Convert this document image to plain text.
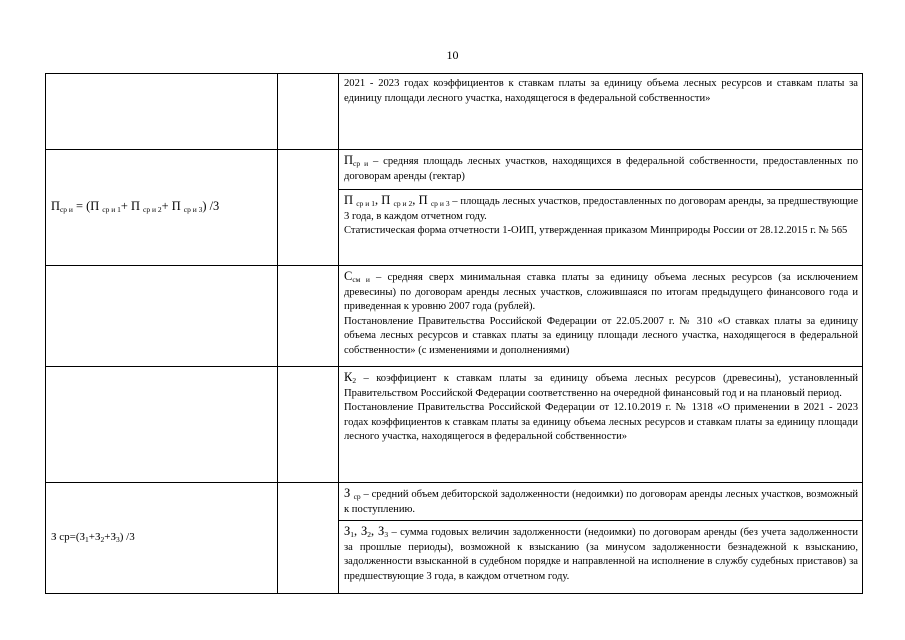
10

		2021 - 2023 годах коэффициентов к ставкам платы за единицу объема лесных ресурсов и ставкам платы за единицу площади лесного участка, находящегося в федеральной собственности»

$П_{ср и} = (П$ $_{ср и 1}$+ П $_{ср и 2}$+ П $_{ср и 3}$) /3		$П_{ср и}$ – средняя площадь лесных участков, находящихся в федеральной собственности, предоставленных по договорам аренды (гектар)

		П $_{ср и 1}$, П $_{ср и 2}$, П $_{ср и 3}$ – площадь лесных участков, предоставленных по договорам аренды, за предшествующие 3 года, в каждом отчетном году.

Статистическая форма отчетности 1-ОИП, утвержденная приказом Минприроды России от 28.12.2015 г. № 565

		$С_{см и}$ – средняя сверх минимальная ставка платы за единицу объема лесных ресурсов (за исключением древесины) по договорам аренды лесных участков, сложившаяся по итогам предыдущего финансового года и приведенная к уровню 2007 года (рублей).

Постановление Правительства Российской Федерации от 22.05.2007 г. № 310 «О ставках платы за единицу объема лесных ресурсов и ставках платы за единицу площади лесного участка, находящегося в федеральной собственности» (с изменениями и дополнениями)

		$К_2$ – коэффициент к ставкам платы за единицу объема лесных ресурсов (древесины), установленный Правительством Российской Федерации соответственно на очередной финансовый год и на плановый период.

Постановление Правительства Российской Федерации от 12.10.2019 г. № 1318 «О применении в 2021 - 2023 годах коэффициентов к ставкам платы за единицу объема лесных ресурсов и ставкам платы за единицу площади лесного участка, находящегося в федеральной собственности»

З $ср=(З_1+З_2+З_3)$ /3		З $_{ср}$ – средний объем дебиторской задолженности (недоимки) по договорам аренды лесных участков, возможный к поступлению.

		$З_1$, $З_2$, $З_3$ – сумма годовых величин задолженности (недоимки) по договорам аренды (без учета задолженности за прошлые периоды), возможной к взысканию (за минусом задолженности безнадежной к взысканию, задолженности взысканной в судебном порядке и направленной на исполнение в службу судебных приставов) за предшествующие 3 года, в каждом отчетном году.
